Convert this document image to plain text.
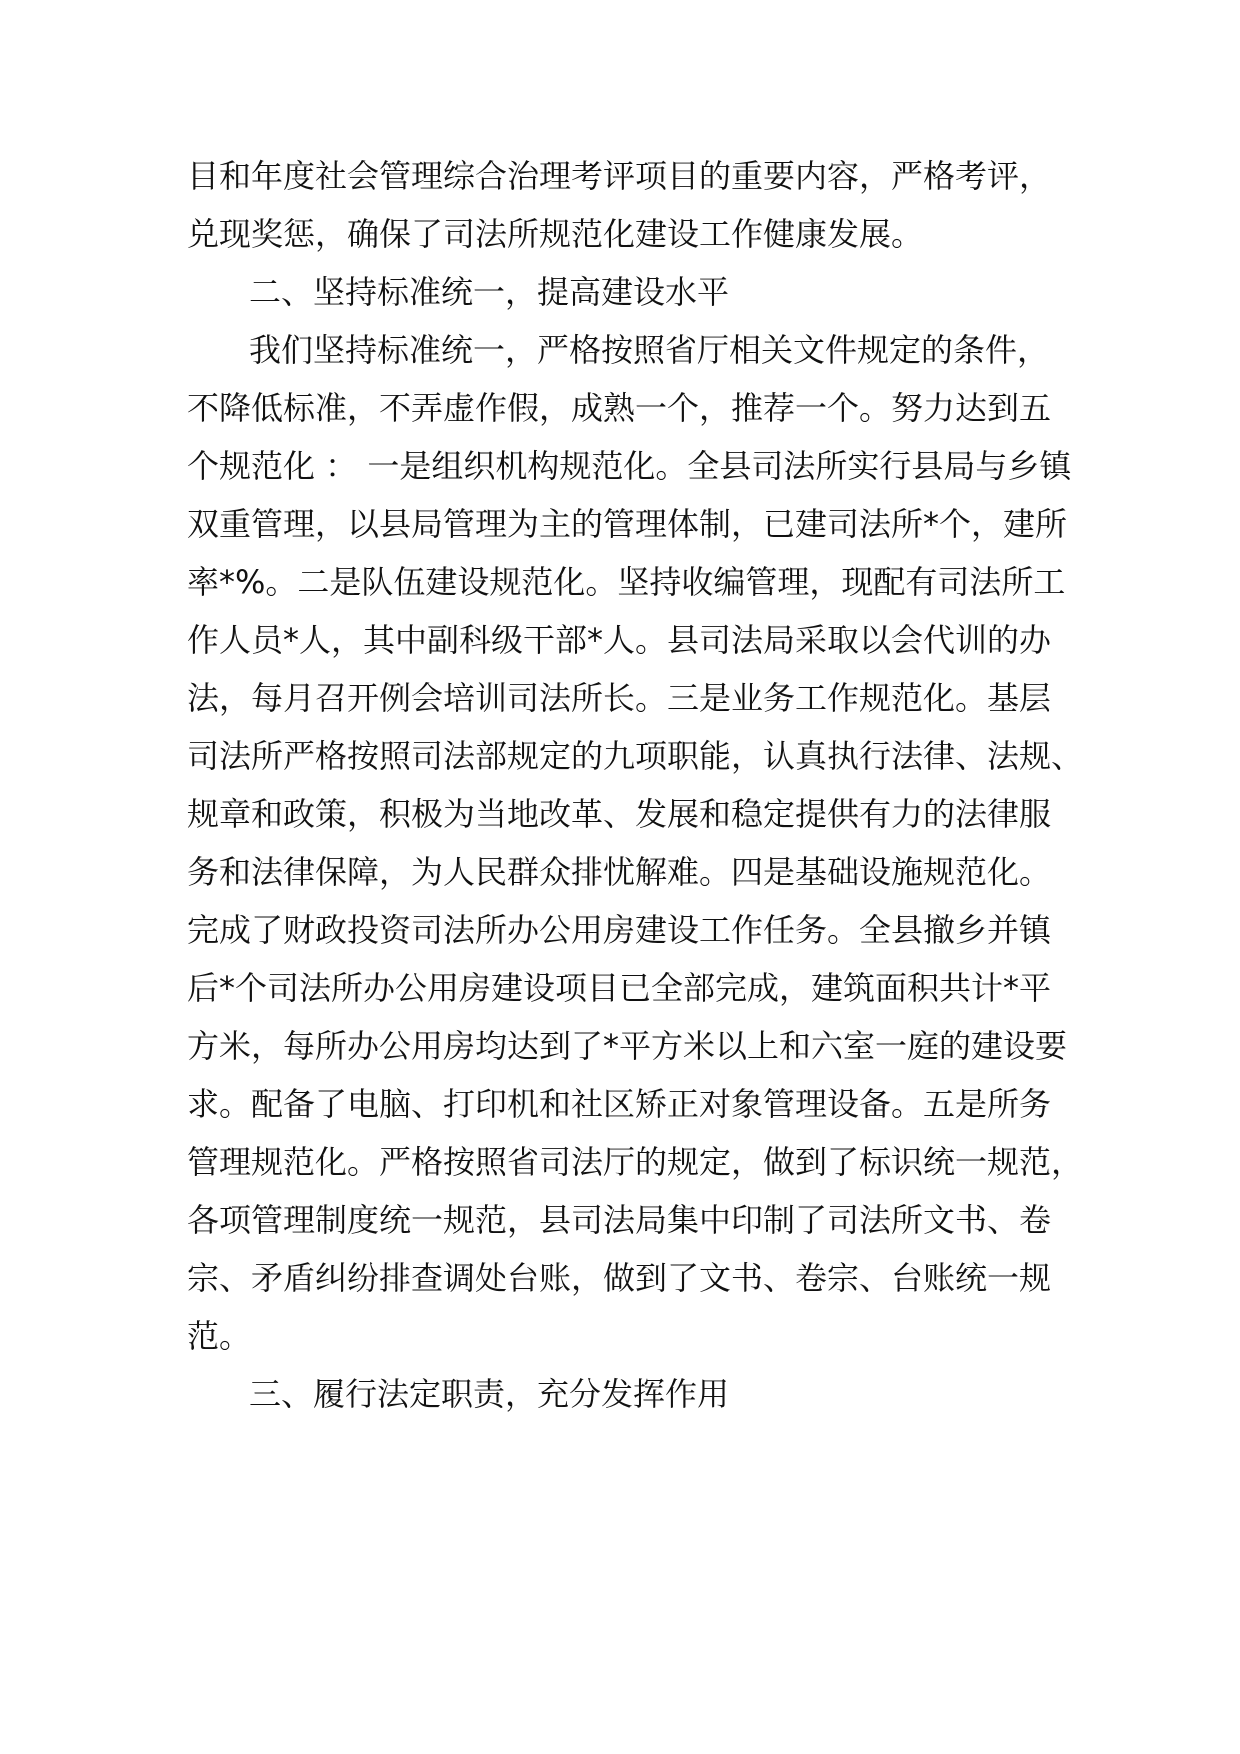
目和年度社会管理综合治理考评项目的重要内容，严格考评，
兑现奖惩，确保了司法所规范化建设工作健康发展。
二、坚持标准统一，提高建设水平
我们坚持标准统一，严格按照省厅相关文件规定的条件，
不降低标准，不弄虚作假，成熟一个，推荐一个。努力达到五
个规范化 ： 一是组织机构规范化。全县司法所实行县局与乡镇
双重管理，以县局管理为主的管理体制，已建司法所*个，建所
率*%。二是队伍建设规范化。坚持收编管理，现配有司法所工
作人员*人，其中副科级干部*人。县司法局采取以会代训的办
法，每月召开例会培训司法所长。三是业务工作规范化。基层
司法所严格按照司法部规定的九项职能，认真执行法律、法规、
规章和政策，积极为当地改革、发展和稳定提供有力的法律服
务和法律保障，为人民群众排忧解难。四是基础设施规范化。
完成了财政投资司法所办公用房建设工作任务。全县撤乡并镇
后*个司法所办公用房建设项目已全部完成，建筑面积共计*平
方米，每所办公用房均达到了*平方米以上和六室一庭的建设要
求。配备了电脑、打印机和社区矫正对象管理设备。五是所务
管理规范化。严格按照省司法厅的规定，做到了标识统一规范，
各项管理制度统一规范，县司法局集中印制了司法所文书、卷
宗、矛盾纠纷排查调处台账，做到了文书、卷宗、台账统一规
范。
三、履行法定职责，充分发挥作用
